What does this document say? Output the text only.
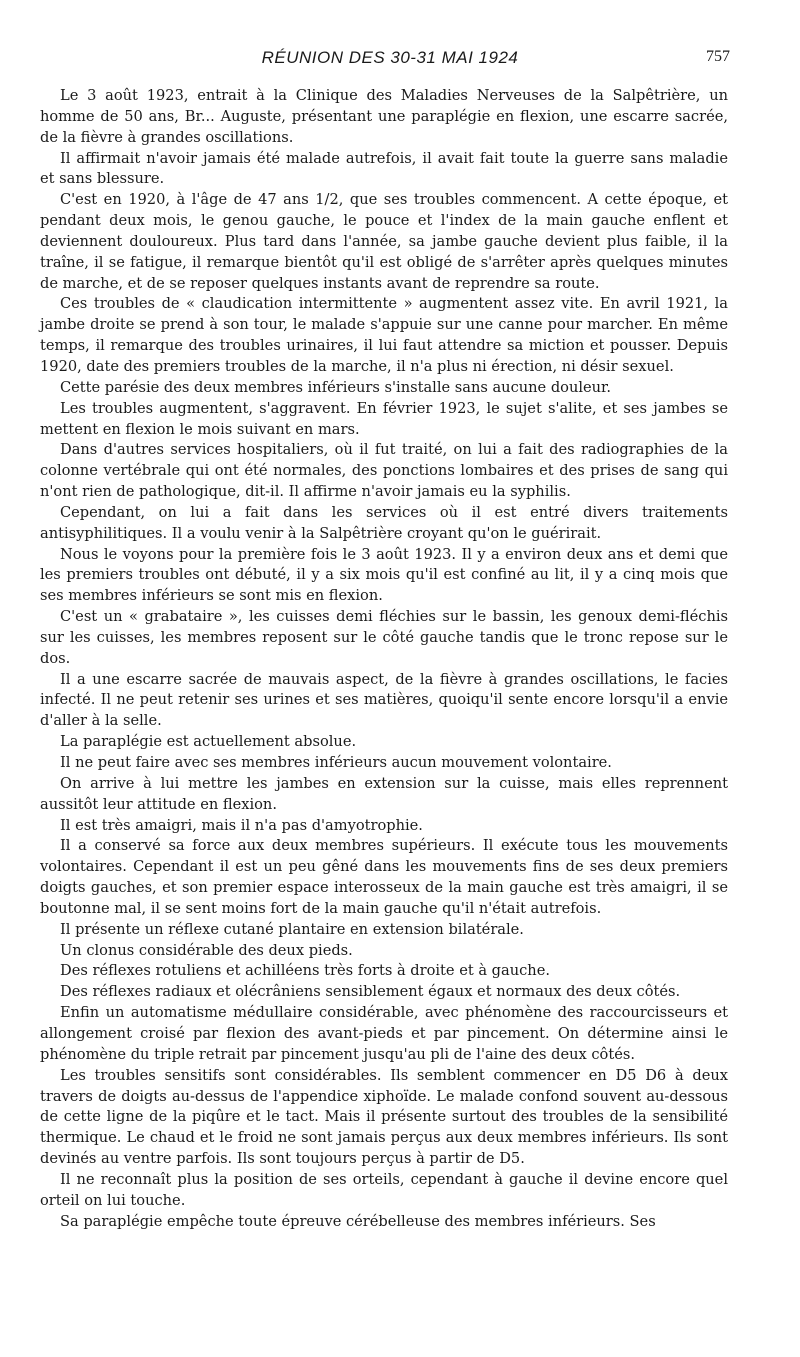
RÉUNION DES 30-31 MAI 1924	757

Le 3 août 1923, entrait à la Clinique des Maladies Nerveuses de la Salpêtrière, un homme de 50 ans, Br... Auguste, présentant une paraplégie en flexion, une escarre sacrée, de la fièvre à grandes oscillations.

Il affirmait n'avoir jamais été malade autrefois, il avait fait toute la guerre sans maladie et sans blessure.

C'est en 1920, à l'âge de 47 ans 1/2, que ses troubles commencent. A cette époque, et pendant deux mois, le genou gauche, le pouce et l'index de la main gauche enflent et deviennent douloureux. Plus tard dans l'année, sa jambe gauche devient plus faible, il la traîne, il se fatigue, il remarque bientôt qu'il est obligé de s'arrêter après quelques minutes de marche, et de se reposer quelques instants avant de reprendre sa route.

Ces troubles de « claudication intermittente » augmentent assez vite. En avril 1921, la jambe droite se prend à son tour, le malade s'appuie sur une canne pour marcher. En même temps, il remarque des troubles urinaires, il lui faut attendre sa miction et pousser. Depuis 1920, date des premiers troubles de la marche, il n'a plus ni érection, ni désir sexuel.

Cette parésie des deux membres inférieurs s'installe sans aucune douleur.

Les troubles augmentent, s'aggravent. En février 1923, le sujet s'alite, et ses jambes se mettent en flexion le mois suivant en mars.

Dans d'autres services hospitaliers, où il fut traité, on lui a fait des radiographies de la colonne vertébrale qui ont été normales, des ponctions lombaires et des prises de sang qui n'ont rien de pathologique, dit-il. Il affirme n'avoir jamais eu la syphilis.

Cependant, on lui a fait dans les services où il est entré divers traitements antisyphilitiques. Il a voulu venir à la Salpêtrière croyant qu'on le guérirait.

Nous le voyons pour la première fois le 3 août 1923. Il y a environ deux ans et demi que les premiers troubles ont débuté, il y a six mois qu'il est confiné au lit, il y a cinq mois que ses membres inférieurs se sont mis en flexion.

C'est un « grabataire », les cuisses demi fléchies sur le bassin, les genoux demi-fléchis sur les cuisses, les membres reposent sur le côté gauche tandis que le tronc repose sur le dos.

Il a une escarre sacrée de mauvais aspect, de la fièvre à grandes oscillations, le facies infecté. Il ne peut retenir ses urines et ses matières, quoiqu'il sente encore lorsqu'il a envie d'aller à la selle.

La paraplégie est actuellement absolue.

Il ne peut faire avec ses membres inférieurs aucun mouvement volontaire.

On arrive à lui mettre les jambes en extension sur la cuisse, mais elles reprennent aussitôt leur attitude en flexion.

Il est très amaigri, mais il n'a pas d'amyotrophie.

Il a conservé sa force aux deux membres supérieurs. Il exécute tous les mouvements volontaires. Cependant il est un peu gêné dans les mouvements fins de ses deux premiers doigts gauches, et son premier espace interosseux de la main gauche est très amaigri, il se boutonne mal, il se sent moins fort de la main gauche qu'il n'était autrefois.

Il présente un réflexe cutané plantaire en extension bilatérale.

Un clonus considérable des deux pieds.

Des réflexes rotuliens et achilléens très forts à droite et à gauche.

Des réflexes radiaux et olécrâniens sensiblement égaux et normaux des deux côtés.

Enfin un automatisme médullaire considérable, avec phénomène des raccourcisseurs et allongement croisé par flexion des avant-pieds et par pincement. On détermine ainsi le phénomène du triple retrait par pincement jusqu'au pli de l'aine des deux côtés.

Les troubles sensitifs sont considérables. Ils semblent commencer en D5 D6 à deux travers de doigts au-dessus de l'appendice xiphoïde. Le malade confond souvent au-dessous de cette ligne de la piqûre et le tact. Mais il présente surtout des troubles de la sensibilité thermique. Le chaud et le froid ne sont jamais perçus aux deux membres inférieurs. Ils sont devinés au ventre parfois. Ils sont toujours perçus à partir de D5.

Il ne reconnaît plus la position de ses orteils, cependant à gauche il devine encore quel orteil on lui touche.

Sa paraplégie empêche toute épreuve cérébelleuse des membres inférieurs. Ses
